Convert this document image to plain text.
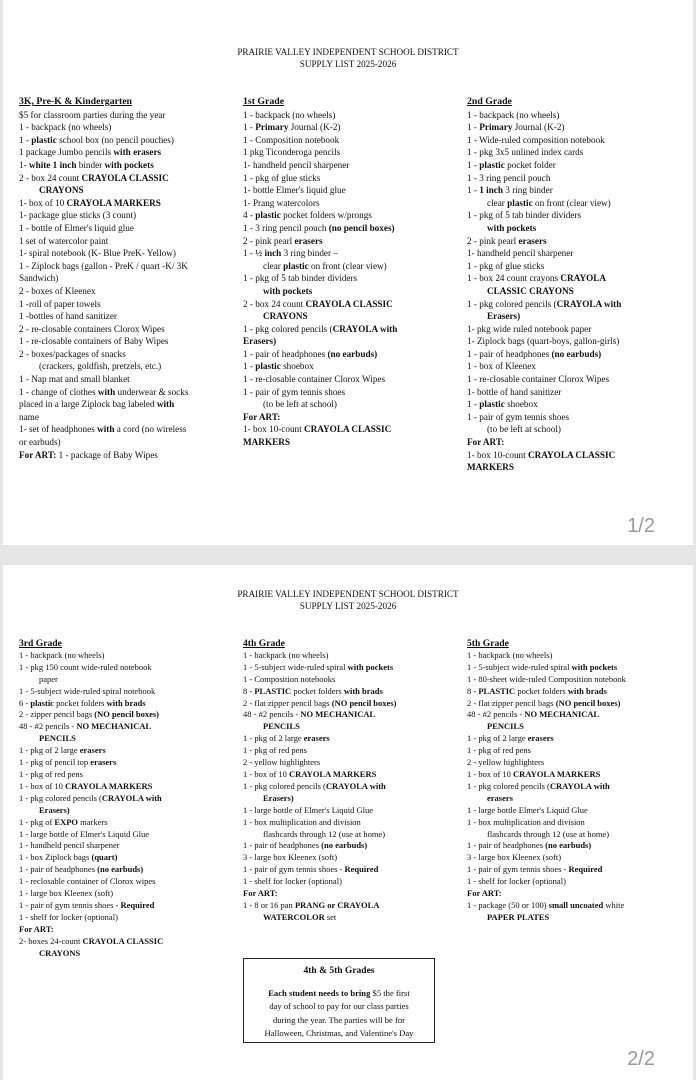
PRAIRIE VALLEY INDEPENDENT SCHOOL DISTRICT
SUPPLY LIST 2025-2026
3K, Pre-K & Kindergarten
$5 for classroom parties during the year
1 - backpack (no wheels)
1 - plastic school box (no pencil pouches)
1 package Jumbo pencils with erasers
1- white 1 inch binder with pockets
2 - box 24 count CRAYOLA CLASSIC
CRAYONS
1- box of 10 CRAYOLA MARKERS
1- package glue sticks (3 count)
1 - bottle of Elmer's liquid glue
1 set of watercolor paint
1- spiral notebook (K- Blue PreK- Yellow)
1 - Ziplock bags (gallon - PreK / quart -K/ 3K
Sandwich)
2 - boxes of Kleenex
1 -roll of paper towels
1 -bottles of hand sanitizer
2 - re-closable containers Clorox Wipes
1 - re-closable containers of Baby Wipes
2 - boxes/packages of snacks
(crackers, goldfish, pretzels, etc.)
1 - Nap mat and small blanket
1 - change of clothes with underwear & socks
placed in a large Ziplock bag labeled with
name
1- set of headphones with a cord (no wireless
or earbuds)
For ART: 1 - package of Baby Wipes
1st Grade
1 - backpack (no wheels)
1 - Primary Journal (K-2)
1 - Composition notebook
1 pkg Ticonderoga pencils
1- handheld pencil sharpener
1 - pkg of glue sticks
1- bottle Elmer's liquid glue
1- Prang watercolors
4 - plastic pocket folders w/prongs
1 - 3 ring pencil pouch (no pencil boxes)
2 - pink pearl erasers
1 - ½ inch 3 ring binder –
clear plastic on front (clear view)
1 - pkg of 5 tab binder dividers
with pockets
2 - box 24 count CRAYOLA CLASSIC
CRAYONS
1 - pkg colored pencils (CRAYOLA with
Erasers)
1 - pair of headphones (no earbuds)
1 - plastic shoebox
1 - re-closable container Clorox Wipes
1 - pair of gym tennis shoes
(to be left at school)
For ART:
1- box 10-count CRAYOLA CLASSIC
MARKERS
2nd Grade
1 - backpack (no wheels)
1 - Primary Journal (K-2)
1 - Wide-ruled composition notebook
1 - pkg 3x5 unlined index cards
1 - plastic pocket folder
1 - 3 ring pencil pouch
1 - 1 inch 3 ring binder
clear plastic on front (clear view)
1 - pkg of 5 tab binder dividers
with pockets
2 - pink pearl erasers
1- handheld pencil sharpener
1 - pkg of glue sticks
1 - box 24 count crayons CRAYOLA
CLASSIC CRAYONS
1 - pkg colored pencils (CRAYOLA with
Erasers)
1- pkg wide ruled notebook paper
1- Ziplock bags (quart-boys, gallon-girls)
1 - pair of headphones (no earbuds)
1 - box of Kleenex
1 - re-closable container Clorox Wipes
1- bottle of hand sanitizer
1 - plastic shoebox
1 - pair of gym tennis shoes
(to be left at school)
For ART:
1- box 10-count CRAYOLA CLASSIC
MARKERS
1/2
PRAIRIE VALLEY INDEPENDENT SCHOOL DISTRICT
SUPPLY LIST 2025-2026
3rd Grade
1 - backpack (no wheels)
1 - pkg 150 count wide-ruled notebook
paper
1 - 5-subject wide-ruled spiral notebook
6 - plastic pocket folders with brads
2 - zipper pencil bags (NO pencil boxes)
48 - #2 pencils - NO MECHANICAL
PENCILS
1 - pkg of 2 large erasers
1 - pkg of pencil top erasers
1 - pkg of red pens
1 - box of 10 CRAYOLA MARKERS
1 - pkg colored pencils (CRAYOLA with
Erasers)
1 - pkg of EXPO markers
1 - large bottle of Elmer's Liquid Glue
1 - handheld pencil sharpener
1 - box Ziplock bags (quart)
1 - pair of headphones (no earbuds)
1 - reclosable container of Clorox wipes
1 - large box Kleenex (soft)
1 - pair of gym tennis shoes - Required
1 - shelf for locker (optional)
For ART:
2- boxes 24-count CRAYOLA CLASSIC
CRAYONS
4th Grade
1 - backpack (no wheels)
1 - 5-subject wide-ruled spiral with pockets
1 - Composition notebooks
8 - PLASTIC pocket folders with brads
2 - flat zipper pencil bags (NO pencil boxes)
48 - #2 pencils - NO MECHANICAL
PENCILS
1 - pkg of 2 large erasers
1 - pkg of red pens
2 - yellow highlighters
1 - box of 10 CRAYOLA MARKERS
1 - pkg colored pencils (CRAYOLA with
Erasers)
1 - large bottle of Elmer's Liquid Glue
1 - box multiplication and division
flashcards through 12 (use at home)
1 - pair of headphones (no earbuds)
3 - large box Kleenex (soft)
1 - pair of gym tennis shoes - Required
1 - shelf for locker (optional)
For ART:
1 - 8 or 16 pan PRANG or CRAYOLA
WATERCOLOR set
5th Grade
1 - backpack (no wheels)
1 - 5-subject wide-ruled spiral with pockets
1 - 80-sheet wide-ruled Composition notebook
8 - PLASTIC pocket folders with brads
2 - flat zipper pencil bags (NO pencil boxes)
48 - #2 pencils - NO MECHANICAL
PENCILS
1 - pkg of 2 large erasers
1 - pkg of red pens
2 - yellow highlighters
1 - box of 10 CRAYOLA MARKERS
1 - pkg colored pencils (CRAYOLA with
erasers
1 - large bottle Elmer's Liquid Glue
1 - box multiplication and division
flashcards through 12 (use at home)
1 - pair of headphones (no earbuds)
3 - large box Kleenex (soft)
1 - pair of gym tennis shoes - Required
1 - shelf for locker (optional)
For ART:
1 - package (50 or 100) small uncoated white
PAPER PLATES
4th & 5th Grades
Each student needs to bring $5 the first
day of school to pay for our class parties
during the year. The parties will be for
Halloween, Christmas, and Valentine's Day
2/2
